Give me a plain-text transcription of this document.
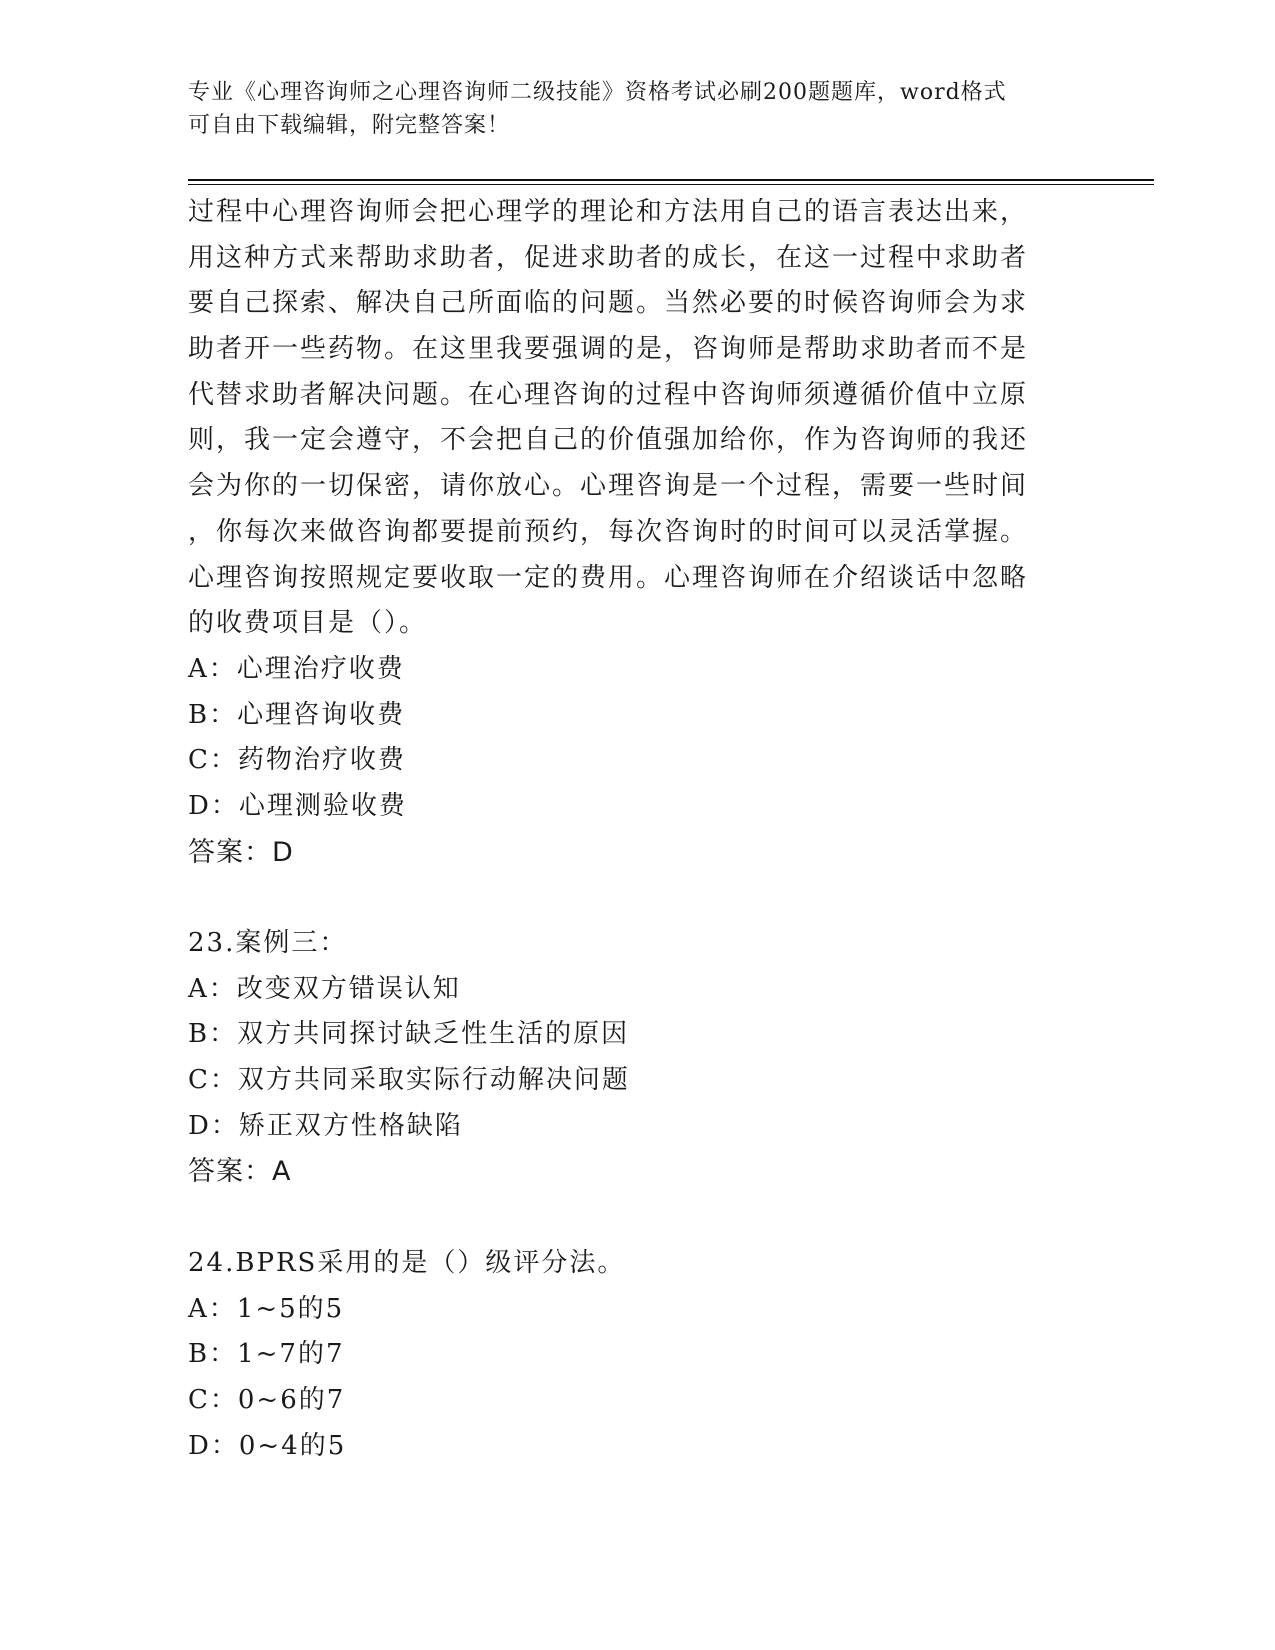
专业《心理咨询师之心理咨询师二级技能》资格考试必刷200题题库，word格式
可自由下载编辑，附完整答案！
过程中心理咨询师会把心理学的理论和方法用自己的语言表达出来，
用这种方式来帮助求助者，促进求助者的成长，在这一过程中求助者
要自己探索、解决自己所面临的问题。当然必要的时候咨询师会为求
助者开一些药物。在这里我要强调的是，咨询师是帮助求助者而不是
代替求助者解决问题。在心理咨询的过程中咨询师须遵循价值中立原
则，我一定会遵守，不会把自己的价值强加给你，作为咨询师的我还
会为你的一切保密，请你放心。心理咨询是一个过程，需要一些时间
，你每次来做咨询都要提前预约，每次咨询时的时间可以灵活掌握。
心理咨询按照规定要收取一定的费用。心理咨询师在介绍谈话中忽略
的收费项目是（）。
A：心理治疗收费
B：心理咨询收费
C：药物治疗收费
D：心理测验收费
答案：D
23.案例三：
A：改变双方错误认知
B：双方共同探讨缺乏性生活的原因
C：双方共同采取实际行动解决问题
D：矫正双方性格缺陷
答案：A
24.BPRS采用的是（）级评分法。
A：1~5的5
B：1~7的7
C：0~6的7
D：0~4的5
